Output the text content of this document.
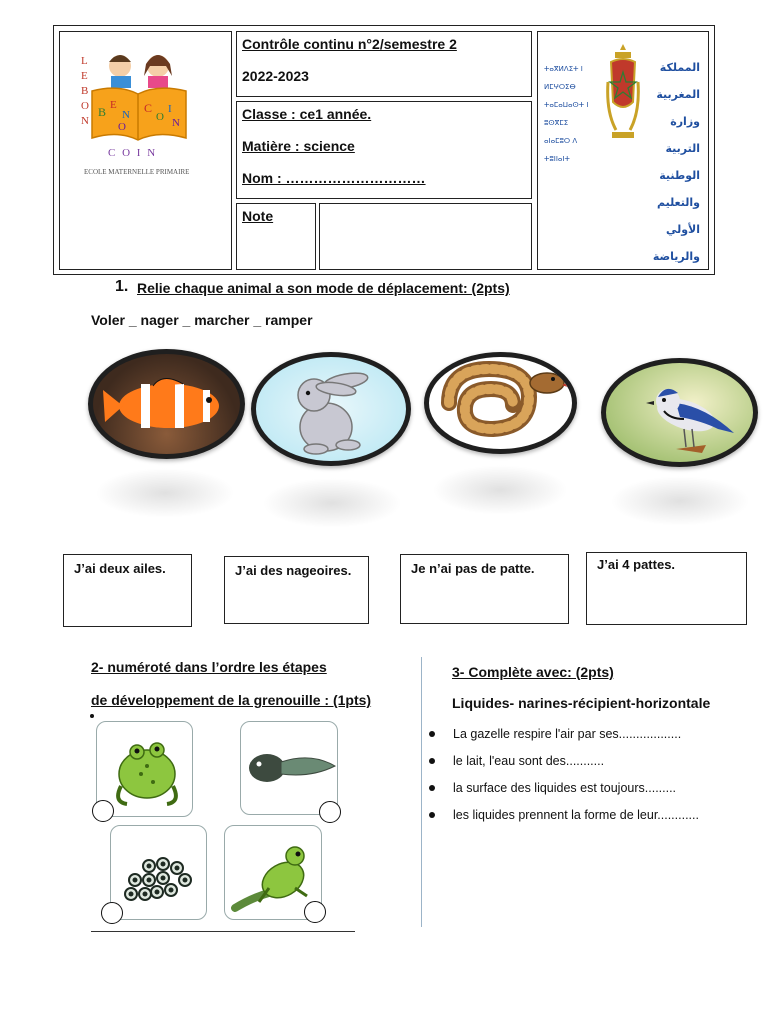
L
E
B
O
N
B E
N
O
C
O
I
N
C O I N
ECOLE MATERNELLE PRIMAIRE
Contrôle continu n°2/semestre 2
2022-2023
Classe : ce1 année.
Matière : science
Nom : …………………………
Note
ⵜⴰⴳⵍⴷⵉⵜ ⵏ ⵍⵎⵖⵔⵉⴱ
ⵜⴰⵎⴰⵡⴰⵙⵜ ⵏ ⵓⵙⴳⵎⵉ
ⴰⵏⴰⵎⵓⵔ ⴷ ⵜⵓⵏⵏⴰⵏⵜ
المملكة المغربية
وزارة التربية الوطنية
والتعليم الأولي والرياضة
1. Relie chaque animal a son mode de déplacement: (2pts)
Voler _ nager _ marcher _ ramper
J’ai deux ailes.	J’ai des nageoires.	Je n’ai pas de patte.	J’ai 4 pattes.
2- numéroté dans l’ordre les étapes
de développement de la grenouille : (1pts)
3- Complète avec: (2pts)
Liquides- narines-récipient-horizontale
La gazelle respire l'air par ses..................
le lait, l'eau sont des...........
la surface des liquides est toujours.........
les liquides prennent la forme de leur............
